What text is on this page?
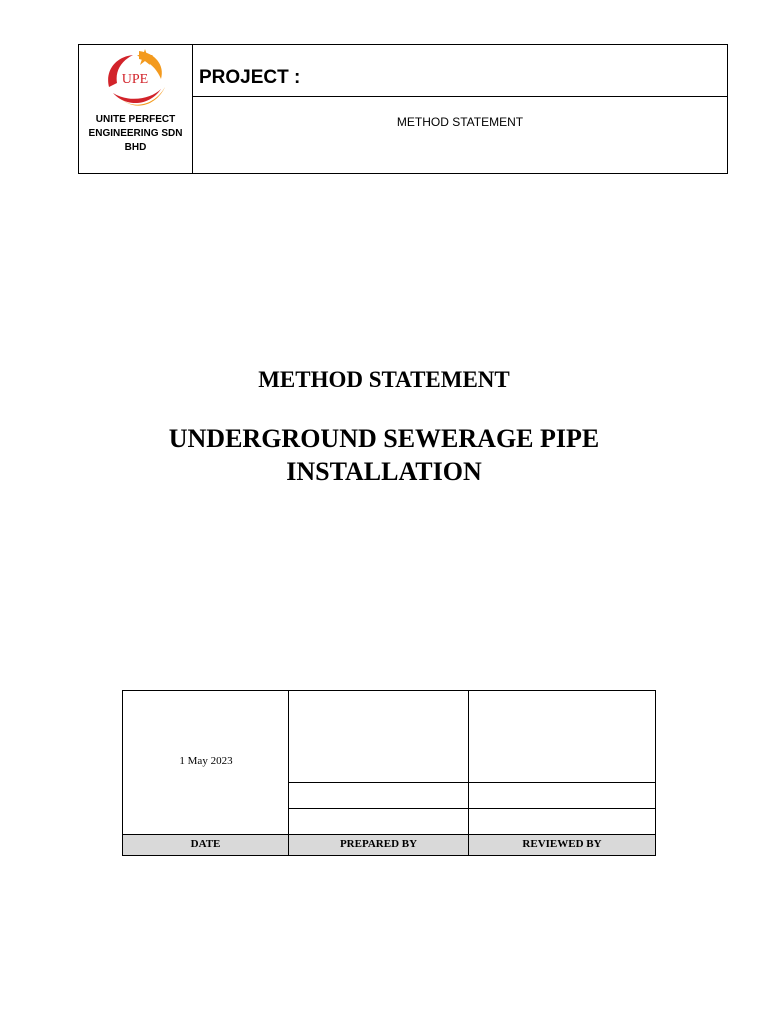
UPE
UNITE PERFECT
ENGINEERING SDN
BHD
PROJECT :
METHOD STATEMENT
METHOD STATEMENT
UNDERGROUND SEWERAGE PIPE
INSTALLATION
1 May 2023
DATE	PREPARED BY	REVIEWED BY
